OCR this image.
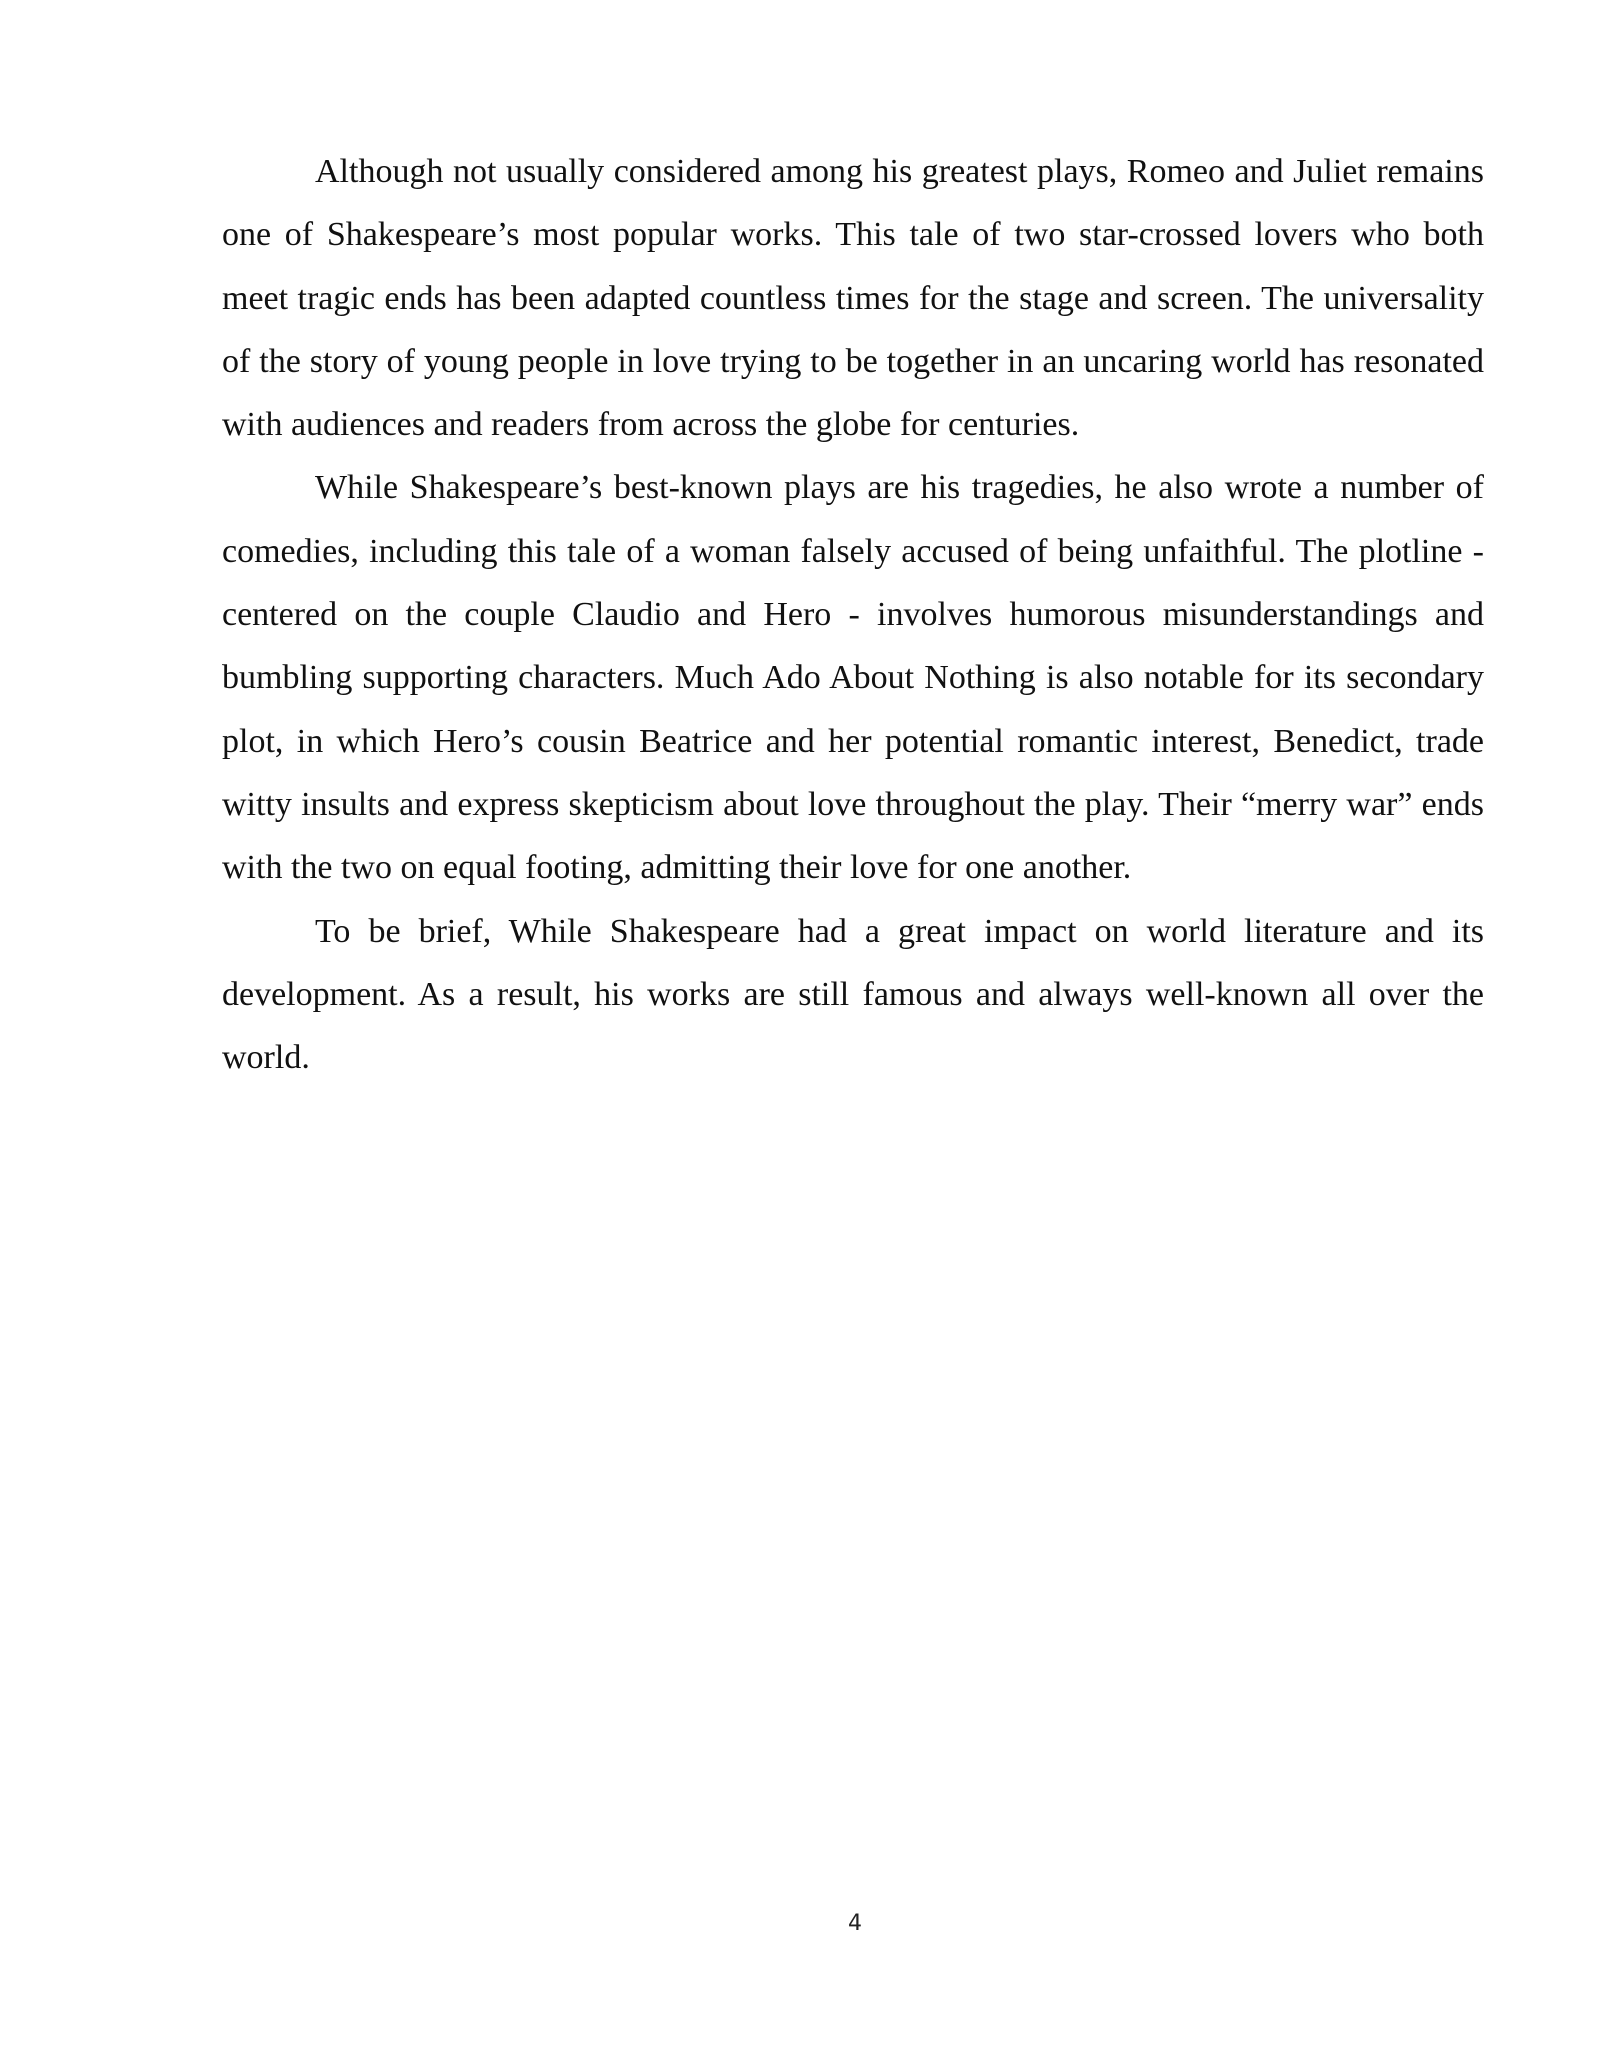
Although not usually considered among his greatest plays, Romeo and Juliet remains one of Shakespeare’s most popular works. This tale of two star-crossed lovers who both meet tragic ends has been adapted countless times for the stage and screen. The universality of the story of young people in love trying to be together in an uncaring world has resonated with audiences and readers from across the globe for centuries.

While Shakespeare’s best-known plays are his tragedies, he also wrote a number of comedies, including this tale of a woman falsely accused of being unfaithful. The plotline - centered on the couple Claudio and Hero - involves humorous misunderstandings and bumbling supporting characters. Much Ado About Nothing is also notable for its secondary plot, in which Hero’s cousin Beatrice and her potential romantic interest, Benedict, trade witty insults and express skepticism about love throughout the play. Their “merry war” ends with the two on equal footing, admitting their love for one another.

To be brief, While Shakespeare had a great impact on world literature and its development. As a result, his works are still famous and always well-known all over the world.

4
